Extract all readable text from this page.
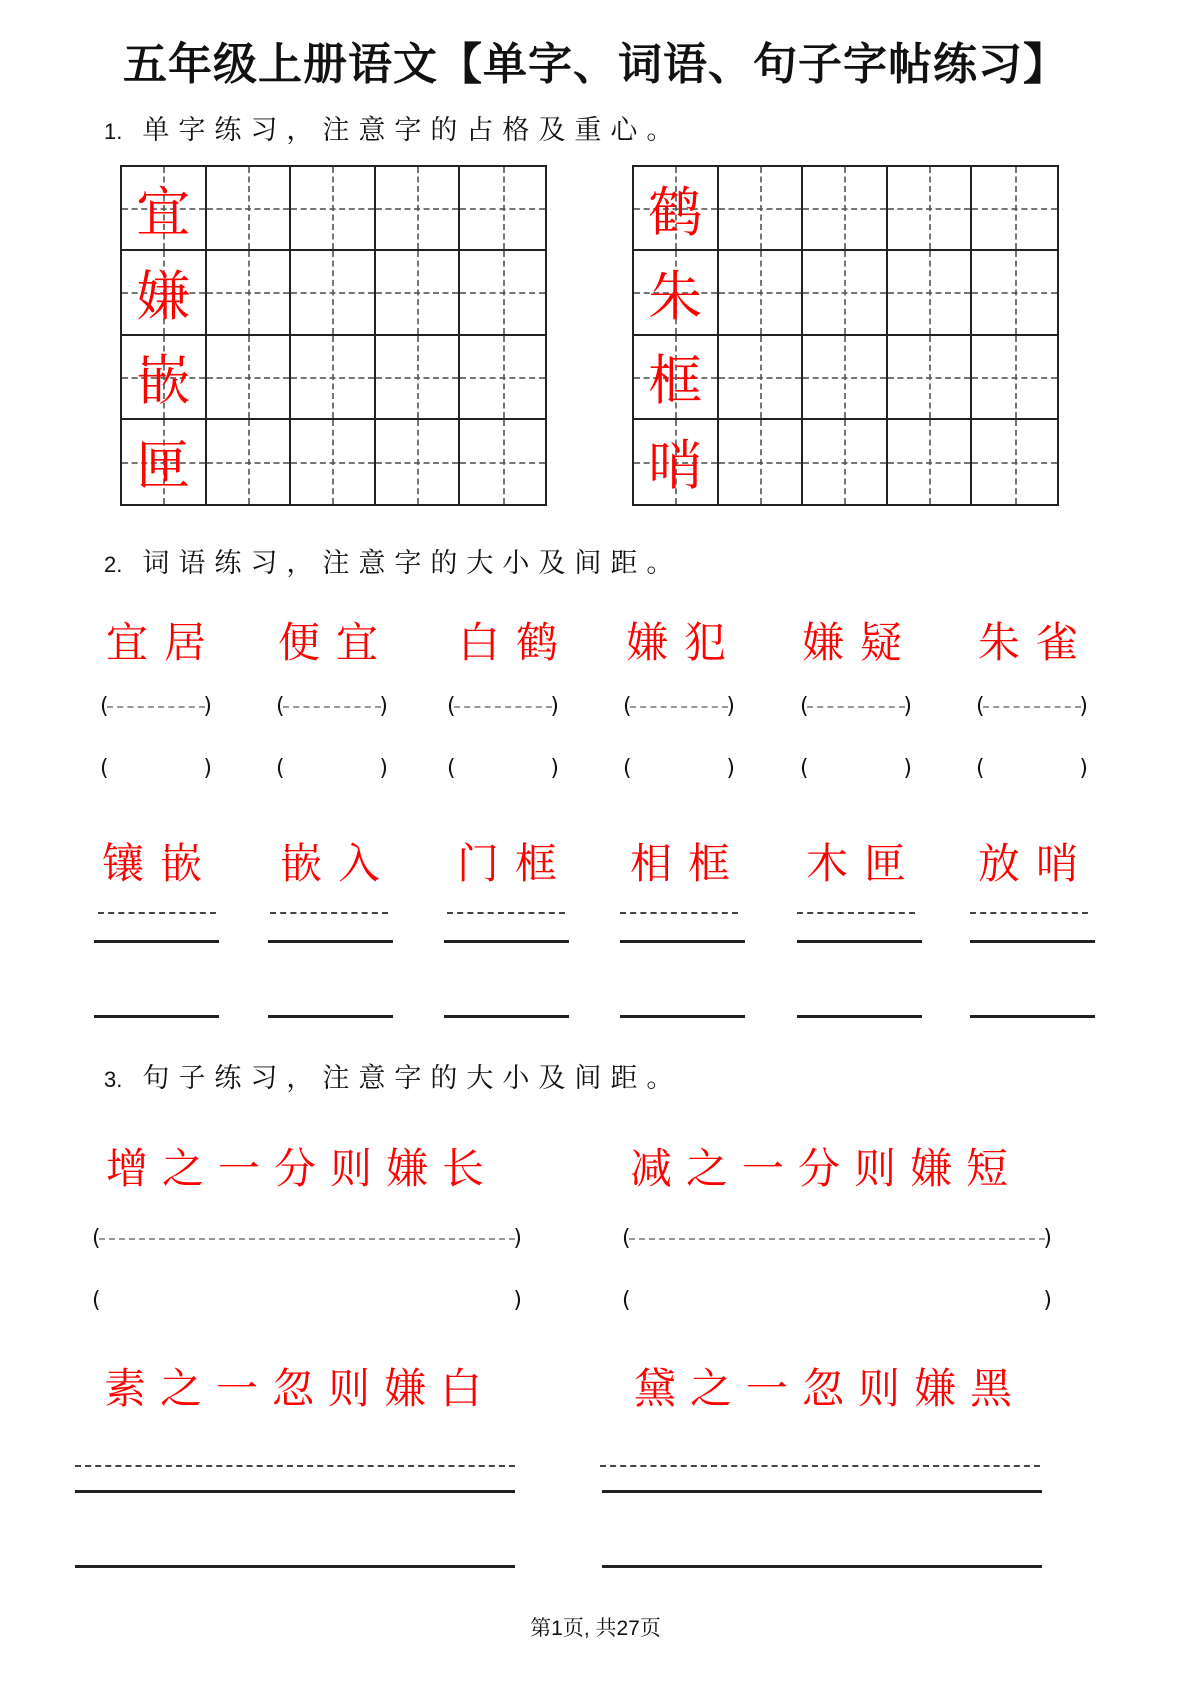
五年级上册语文【单字、词语、句子字帖练习】
1. 单字练习，注意字的占格及重心。
宜
嫌
嵌
匣
鹤
朱
框
哨
2. 词语练习，注意字的大小及间距。
宜居 便宜 白鹤 嫌犯 嫌疑 朱雀
(	)	(	)	(	)	(	)	(	)	(	)
(	)	(	)	(	)	(	)	(	)	(	)
镶嵌 嵌入 门框 相框 木匣 放哨
3. 句子练习，注意字的大小及间距。
增之一分则嫌长	减之一分则嫌短
(	)	(	)
(	)	(	)
素之一忽则嫌白	黛之一忽则嫌黑
第1页, 共27页
